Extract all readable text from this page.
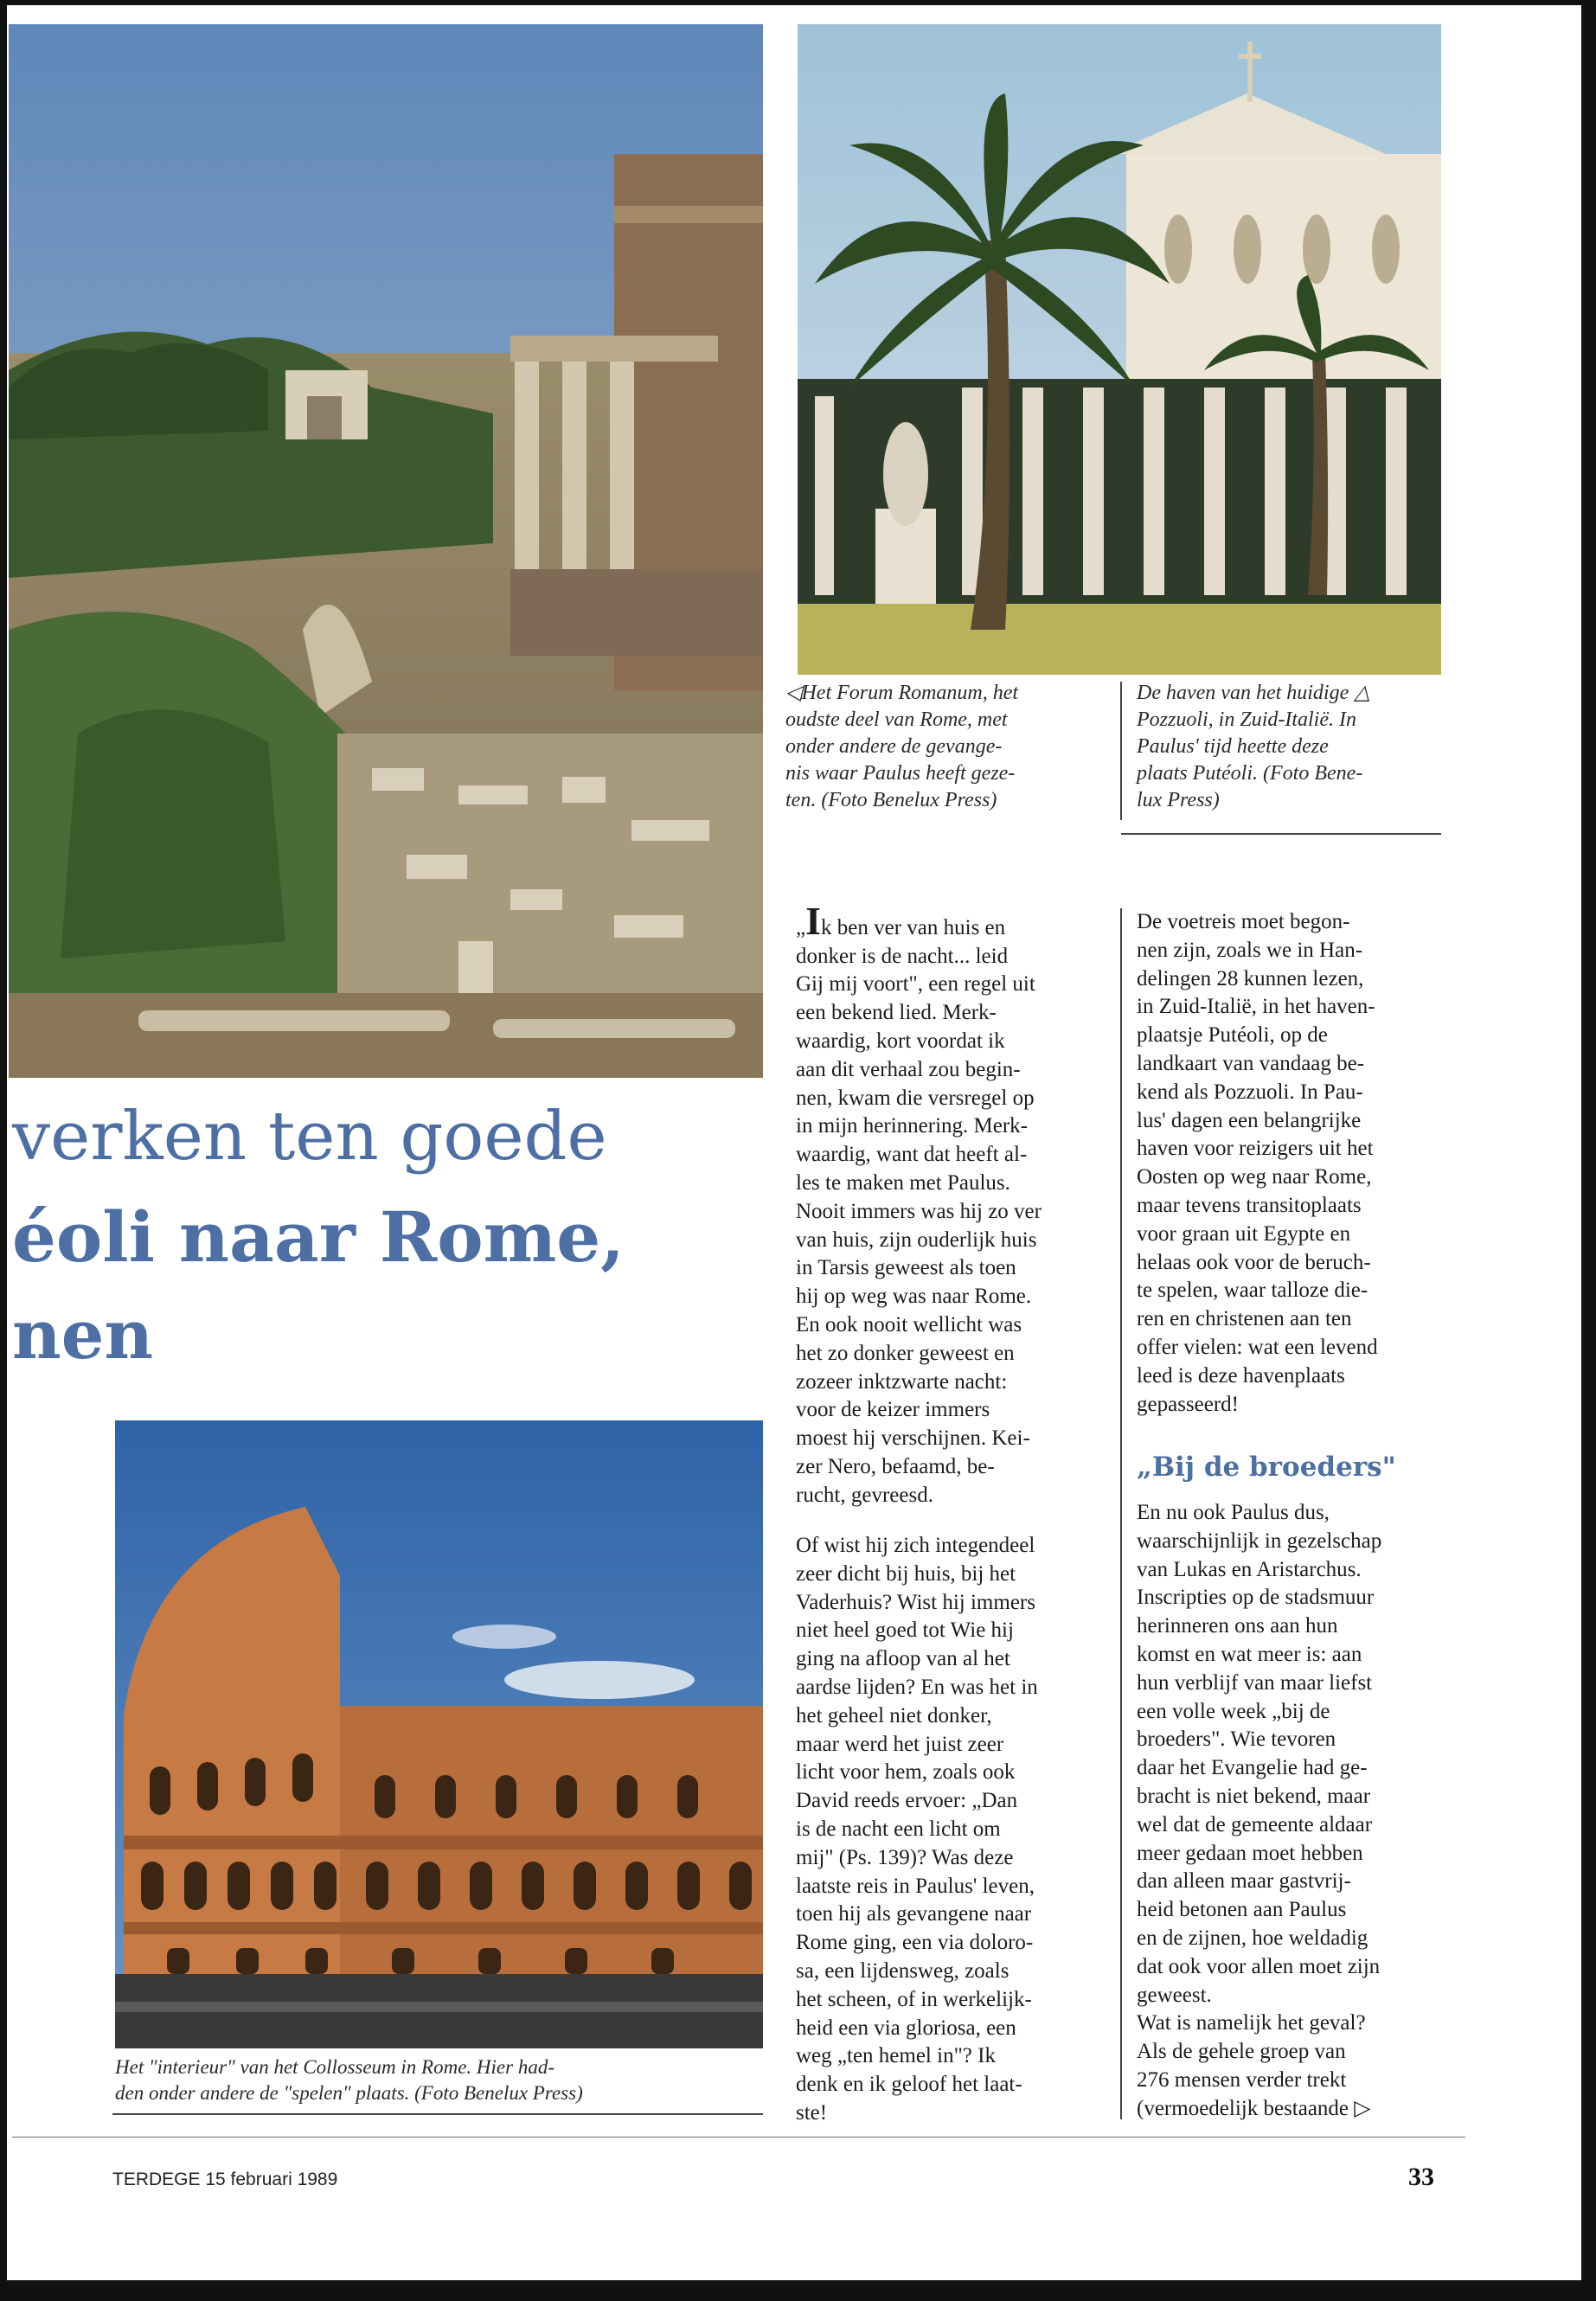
◁Het Forum Romanum, het
oudste deel van Rome, met
onder andere de gevange-
nis waar Paulus heeft geze-
ten. (Foto Benelux Press)

De haven van het huidige △
Pozzuoli, in Zuid-Italië. In
Paulus' tijd heette deze
plaats Putéoli. (Foto Bene-
lux Press)

Het "interieur" van het Collosseum in Rome. Hier had-
den onder andere de "spelen" plaats. (Foto Benelux Press)

verken ten goede
éoli naar Rome,
nen

„Ik ben ver van huis en
donker is de nacht... leid
Gij mij voort", een regel uit
een bekend lied. Merk-
waardig, kort voordat ik
aan dit verhaal zou begin-
nen, kwam die versregel op
in mijn herinnering. Merk-
waardig, want dat heeft al-
les te maken met Paulus.
Nooit immers was hij zo ver
van huis, zijn ouderlijk huis
in Tarsis geweest als toen
hij op weg was naar Rome.
En ook nooit wellicht was
het zo donker geweest en
zozeer inktzwarte nacht:
voor de keizer immers
moest hij verschijnen. Kei-
zer Nero, befaamd, be-
rucht, gevreesd.

Of wist hij zich integendeel
zeer dicht bij huis, bij het
Vaderhuis? Wist hij immers
niet heel goed tot Wie hij
ging na afloop van al het
aardse lijden? En was het in
het geheel niet donker,
maar werd het juist zeer
licht voor hem, zoals ook
David reeds ervoer: „Dan
is de nacht een licht om
mij" (Ps. 139)? Was deze
laatste reis in Paulus' leven,
toen hij als gevangene naar
Rome ging, een via doloro-
sa, een lijdensweg, zoals
het scheen, of in werkelijk-
heid een via gloriosa, een
weg „ten hemel in"? Ik
denk en ik geloof het laat-
ste!
De voetreis moet begon-
nen zijn, zoals we in Han-
delingen 28 kunnen lezen,
in Zuid-Italië, in het haven-
plaatsje Putéoli, op de
landkaart van vandaag be-
kend als Pozzuoli. In Pau-
lus' dagen een belangrijke
haven voor reizigers uit het
Oosten op weg naar Rome,
maar tevens transitoplaats
voor graan uit Egypte en
helaas ook voor de beruch-
te spelen, waar talloze die-
ren en christenen aan ten
offer vielen: wat een levend
leed is deze havenplaats
gepasseerd!
„Bij de broeders"
En nu ook Paulus dus,
waarschijnlijk in gezelschap
van Lukas en Aristarchus.
Inscripties op de stadsmuur
herinneren ons aan hun
komst en wat meer is: aan
hun verblijf van maar liefst
een volle week „bij de
broeders". Wie tevoren
daar het Evangelie had ge-
bracht is niet bekend, maar
wel dat de gemeente aldaar
meer gedaan moet hebben
dan alleen maar gastvrij-
heid betonen aan Paulus
en de zijnen, hoe weldadig
dat ook voor allen moet zijn
geweest.
Wat is namelijk het geval?
Als de gehele groep van
276 mensen verder trekt
(vermoedelijk bestaande ▷
TERDEGE 15 februari 1989	33
